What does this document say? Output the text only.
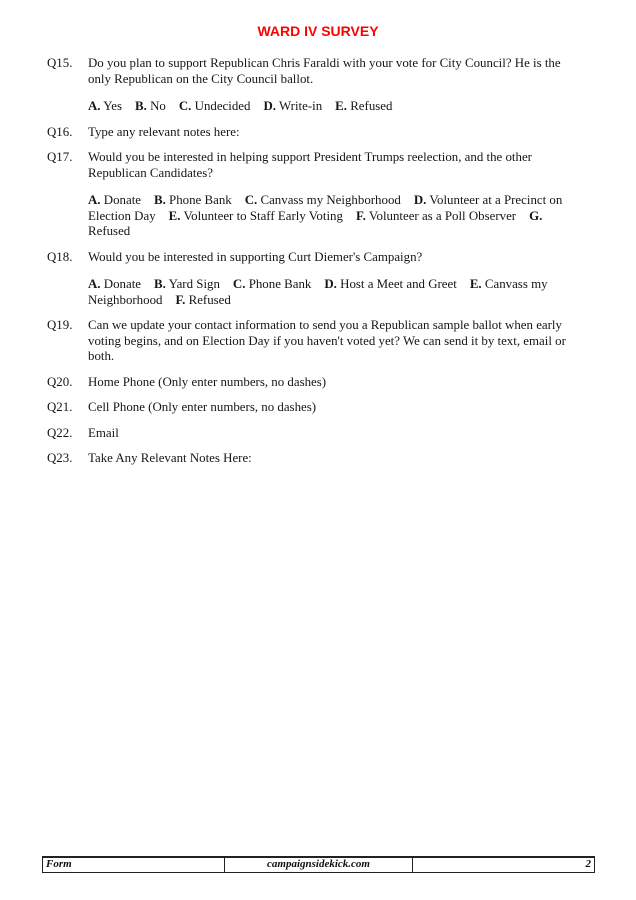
WARD IV SURVEY
Q15.	Do you plan to support Republican Chris Faraldi with your vote for City Council? He is the only Republican on the City Council ballot.

A. Yes B. No C. Undecided D. Write-in E. Refused

Q16.	Type any relevant notes here:

Q17.	Would you be interested in helping support President Trumps reelection, and the other Republican Candidates?

A. Donate B. Phone Bank C. Canvass my Neighborhood D. Volunteer at a Precinct on Election Day E. Volunteer to Staff Early Voting F. Volunteer as a Poll Observer G. Refused

Q18.	Would you be interested in supporting Curt Diemer's Campaign?

A. Donate B. Yard Sign C. Phone Bank D. Host a Meet and Greet E. Canvass my Neighborhood F. Refused

Q19.	Can we update your contact information to send you a Republican sample ballot when early voting begins, and on Election Day if you haven't voted yet? We can send it by text, email or both.

Q20.	Home Phone (Only enter numbers, no dashes)

Q21.	Cell Phone (Only enter numbers, no dashes)

Q22.	Email

Q23.	Take Any Relevant Notes Here:

Form	campaignsidekick.com	2
